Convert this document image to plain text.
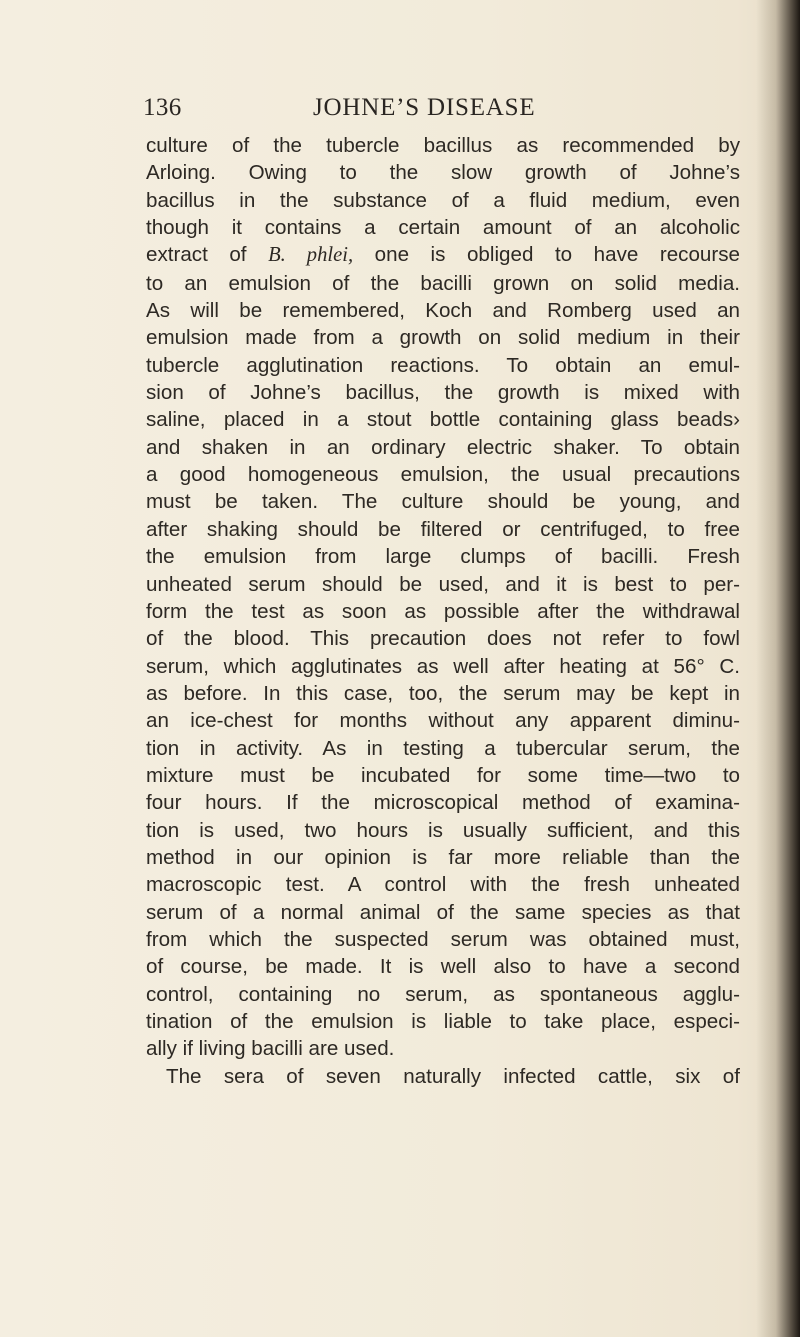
136	JOHNE’S DISEASE

culture of the tubercle bacillus as recommended by
Arloing. Owing to the slow growth of Johne’s
bacillus in the substance of a fluid medium, even
though it contains a certain amount of an alcoholic
extract of B. phlei, one is obliged to have recourse
to an emulsion of the bacilli grown on solid media.
As will be remembered, Koch and Romberg used an
emulsion made from a growth on solid medium in their
tubercle agglutination reactions. To obtain an emul-
sion of Johne’s bacillus, the growth is mixed with
saline, placed in a stout bottle containing glass beads›
and shaken in an ordinary electric shaker. To obtain
a good homogeneous emulsion, the usual precautions
must be taken. The culture should be young, and
after shaking should be filtered or centrifuged, to free
the emulsion from large clumps of bacilli. Fresh
unheated serum should be used, and it is best to per-
form the test as soon as possible after the withdrawal
of the blood. This precaution does not refer to fowl
serum, which agglutinates as well after heating at 56° C.
as before. In this case, too, the serum may be kept in
an ice-chest for months without any apparent diminu-
tion in activity. As in testing a tubercular serum, the
mixture must be incubated for some time—two to
four hours. If the microscopical method of examina-
tion is used, two hours is usually sufficient, and this
method in our opinion is far more reliable than the
macroscopic test. A control with the fresh unheated
serum of a normal animal of the same species as that
from which the suspected serum was obtained must,
of course, be made. It is well also to have a second
control, containing no serum, as spontaneous agglu-
tination of the emulsion is liable to take place, especi-
ally if living bacilli are used.
The sera of seven naturally infected cattle, six of
